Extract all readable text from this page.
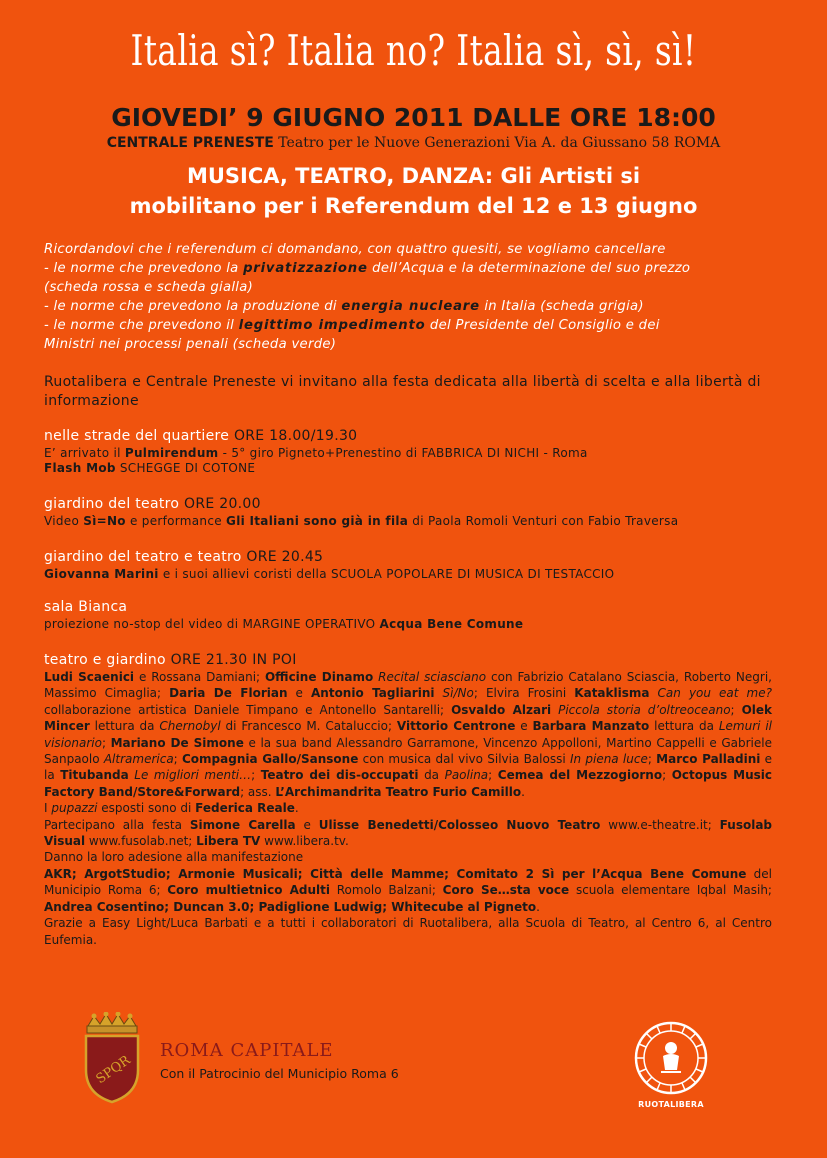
Italia sì? Italia no? Italia sì, sì, sì!
GIOVEDI’ 9 GIUGNO 2011 DALLE ORE 18:00
CENTRALE PRENESTE Teatro per le Nuove Generazioni Via A. da Giussano 58 ROMA
MUSICA, TEATRO, DANZA: Gli Artisti si
mobilitano per i Referendum del 12 e 13 giugno
Ricordandovi che i referendum ci domandano, con quattro quesiti, se vogliamo cancellare
- le norme che prevedono la privatizzazione dell’Acqua e la determinazione del suo prezzo
(scheda rossa e scheda gialla)
- le norme che prevedono la produzione di energia nucleare in Italia (scheda grigia)
- le norme che prevedono il legittimo impedimento del Presidente del Consiglio e dei
Ministri nei processi penali (scheda verde)
Ruotalibera e Centrale Preneste vi invitano alla festa dedicata alla libertà di scelta e alla libertà di informazione
nelle strade del quartiere ORE 18.00/19.30
E’ arrivato il Pulmirendum - 5° giro Pigneto+Prenestino di FABBRICA DI NICHI - Roma
Flash Mob SCHEGGE DI COTONE
giardino del teatro ORE 20.00
Video Sì=No e performance Gli Italiani sono già in fila di Paola Romoli Venturi con Fabio Traversa
giardino del teatro e teatro ORE 20.45
Giovanna Marini e i suoi allievi coristi della SCUOLA POPOLARE DI MUSICA DI TESTACCIO
sala Bianca
proiezione no-stop del video di MARGINE OPERATIVO Acqua Bene Comune
teatro e giardino ORE 21.30 IN POI
Ludi Scaenici e Rossana Damiani; Officine Dinamo Recital sciasciano con Fabrizio Catalano Sciascia, Roberto Negri, Massimo Cimaglia; Daria De Florian e Antonio Tagliarini Sì/No; Elvira Frosini Kataklisma Can you eat me? collaborazione artistica Daniele Timpano e Antonello Santarelli; Osvaldo Alzari Piccola storia d’oltreoceano; Olek Mincer lettura da Chernobyl di Francesco M. Cataluccio; Vittorio Centrone e Barbara Manzato lettura da Lemuri il visionario; Mariano De Simone e la sua band Alessandro Garramone, Vincenzo Appolloni, Martino Cappelli e Gabriele Sanpaolo Altramerica; Compagnia Gallo/Sansone con musica dal vivo Silvia Balossi In piena luce; Marco Palladini e la Titubanda Le migliori menti…; Teatro dei dis-occupati da Paolina; Cemea del Mezzogiorno; Octopus Music Factory Band/Store&Forward; ass. L’Archimandrita Teatro Furio Camillo.
I pupazzi esposti sono di Federica Reale.
Partecipano alla festa Simone Carella e Ulisse Benedetti/Colosseo Nuovo Teatro www.e-theatre.it; Fusolab Visual www.fusolab.net; Libera TV www.libera.tv.
Danno la loro adesione alla manifestazione
AKR; ArgotStudio; Armonie Musicali; Città delle Mamme; Comitato 2 Sì per l’Acqua Bene Comune del Municipio Roma 6; Coro multietnico Adulti Romolo Balzani; Coro Se…sta voce scuola elementare Iqbal Masih; Andrea Cosentino; Duncan 3.0; Padiglione Ludwig; Whitecube al Pigneto.
Grazie a Easy Light/Luca Barbati e a tutti i collaboratori di Ruotalibera, alla Scuola di Teatro, al Centro 6, al Centro Eufemia.
SPQR
ROMA CAPITALE
Con il Patrocinio del Municipio Roma 6
RUOTALIBERA
